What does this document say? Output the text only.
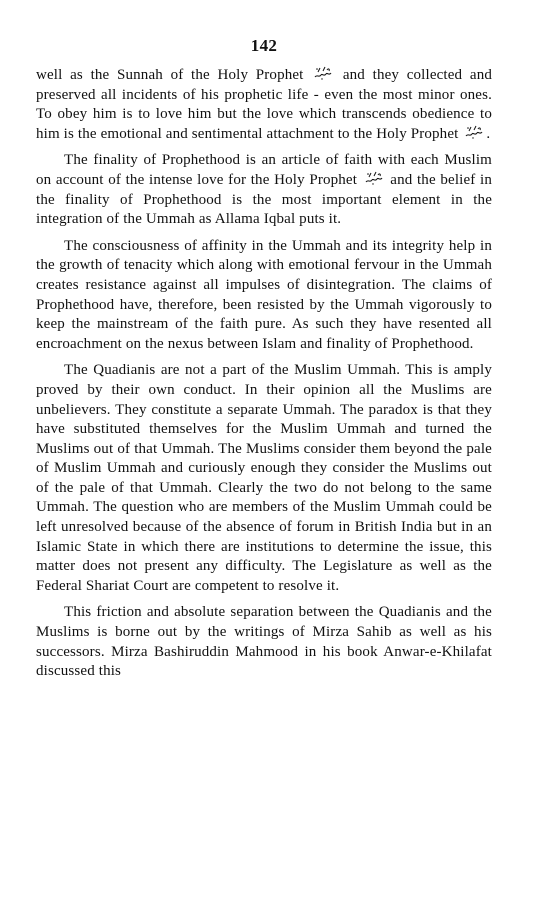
142

well as the Sunnah of the Holy Prophet
and they collected and preserved all incidents of his prophetic life - even the most minor ones. To obey him is to love him but the love which transcends obedience to him is the emotional and sentimental attachment to the Holy Prophet
.

The finality of Prophethood is an article of faith with each Muslim on account of the intense love for the Holy Prophet
and the belief in the finality of Prophethood is the most important element in the integration of the Ummah as Allama Iqbal puts it.

The consciousness of affinity in the Ummah and its integrity help in the growth of tenacity which along with emotional fervour in the Ummah creates resistance against all impulses of disintegration. The claims of Prophethood have, therefore, been resisted by the Ummah vigorously to keep the mainstream of the faith pure. As such they have resented all encroachment on the nexus between Islam and finality of Prophethood.

The Quadianis are not a part of the Muslim Ummah. This is amply proved by their own conduct. In their opinion all the Muslims are unbelievers. They constitute a separate Ummah. The paradox is that they have substituted themselves for the Muslim Ummah and turned the Muslims out of that Ummah. The Muslims consider them beyond the pale of Muslim Ummah and curiously enough they consider the Muslims out of the pale of that Ummah. Clearly the two do not belong to the same Ummah. The question who are members of the Muslim Ummah could be left unresolved because of the absence of forum in British India but in an Islamic State in which there are institutions to determine the issue, this matter does not present any difficulty. The Legislature as well as the Federal Shariat Court are competent to resolve it.

This friction and absolute separation between the Quadianis and the Muslims is borne out by the writings of Mirza Sahib as well as his successors. Mirza Bashiruddin Mahmood in his book Anwar-e-Khilafat discussed this
